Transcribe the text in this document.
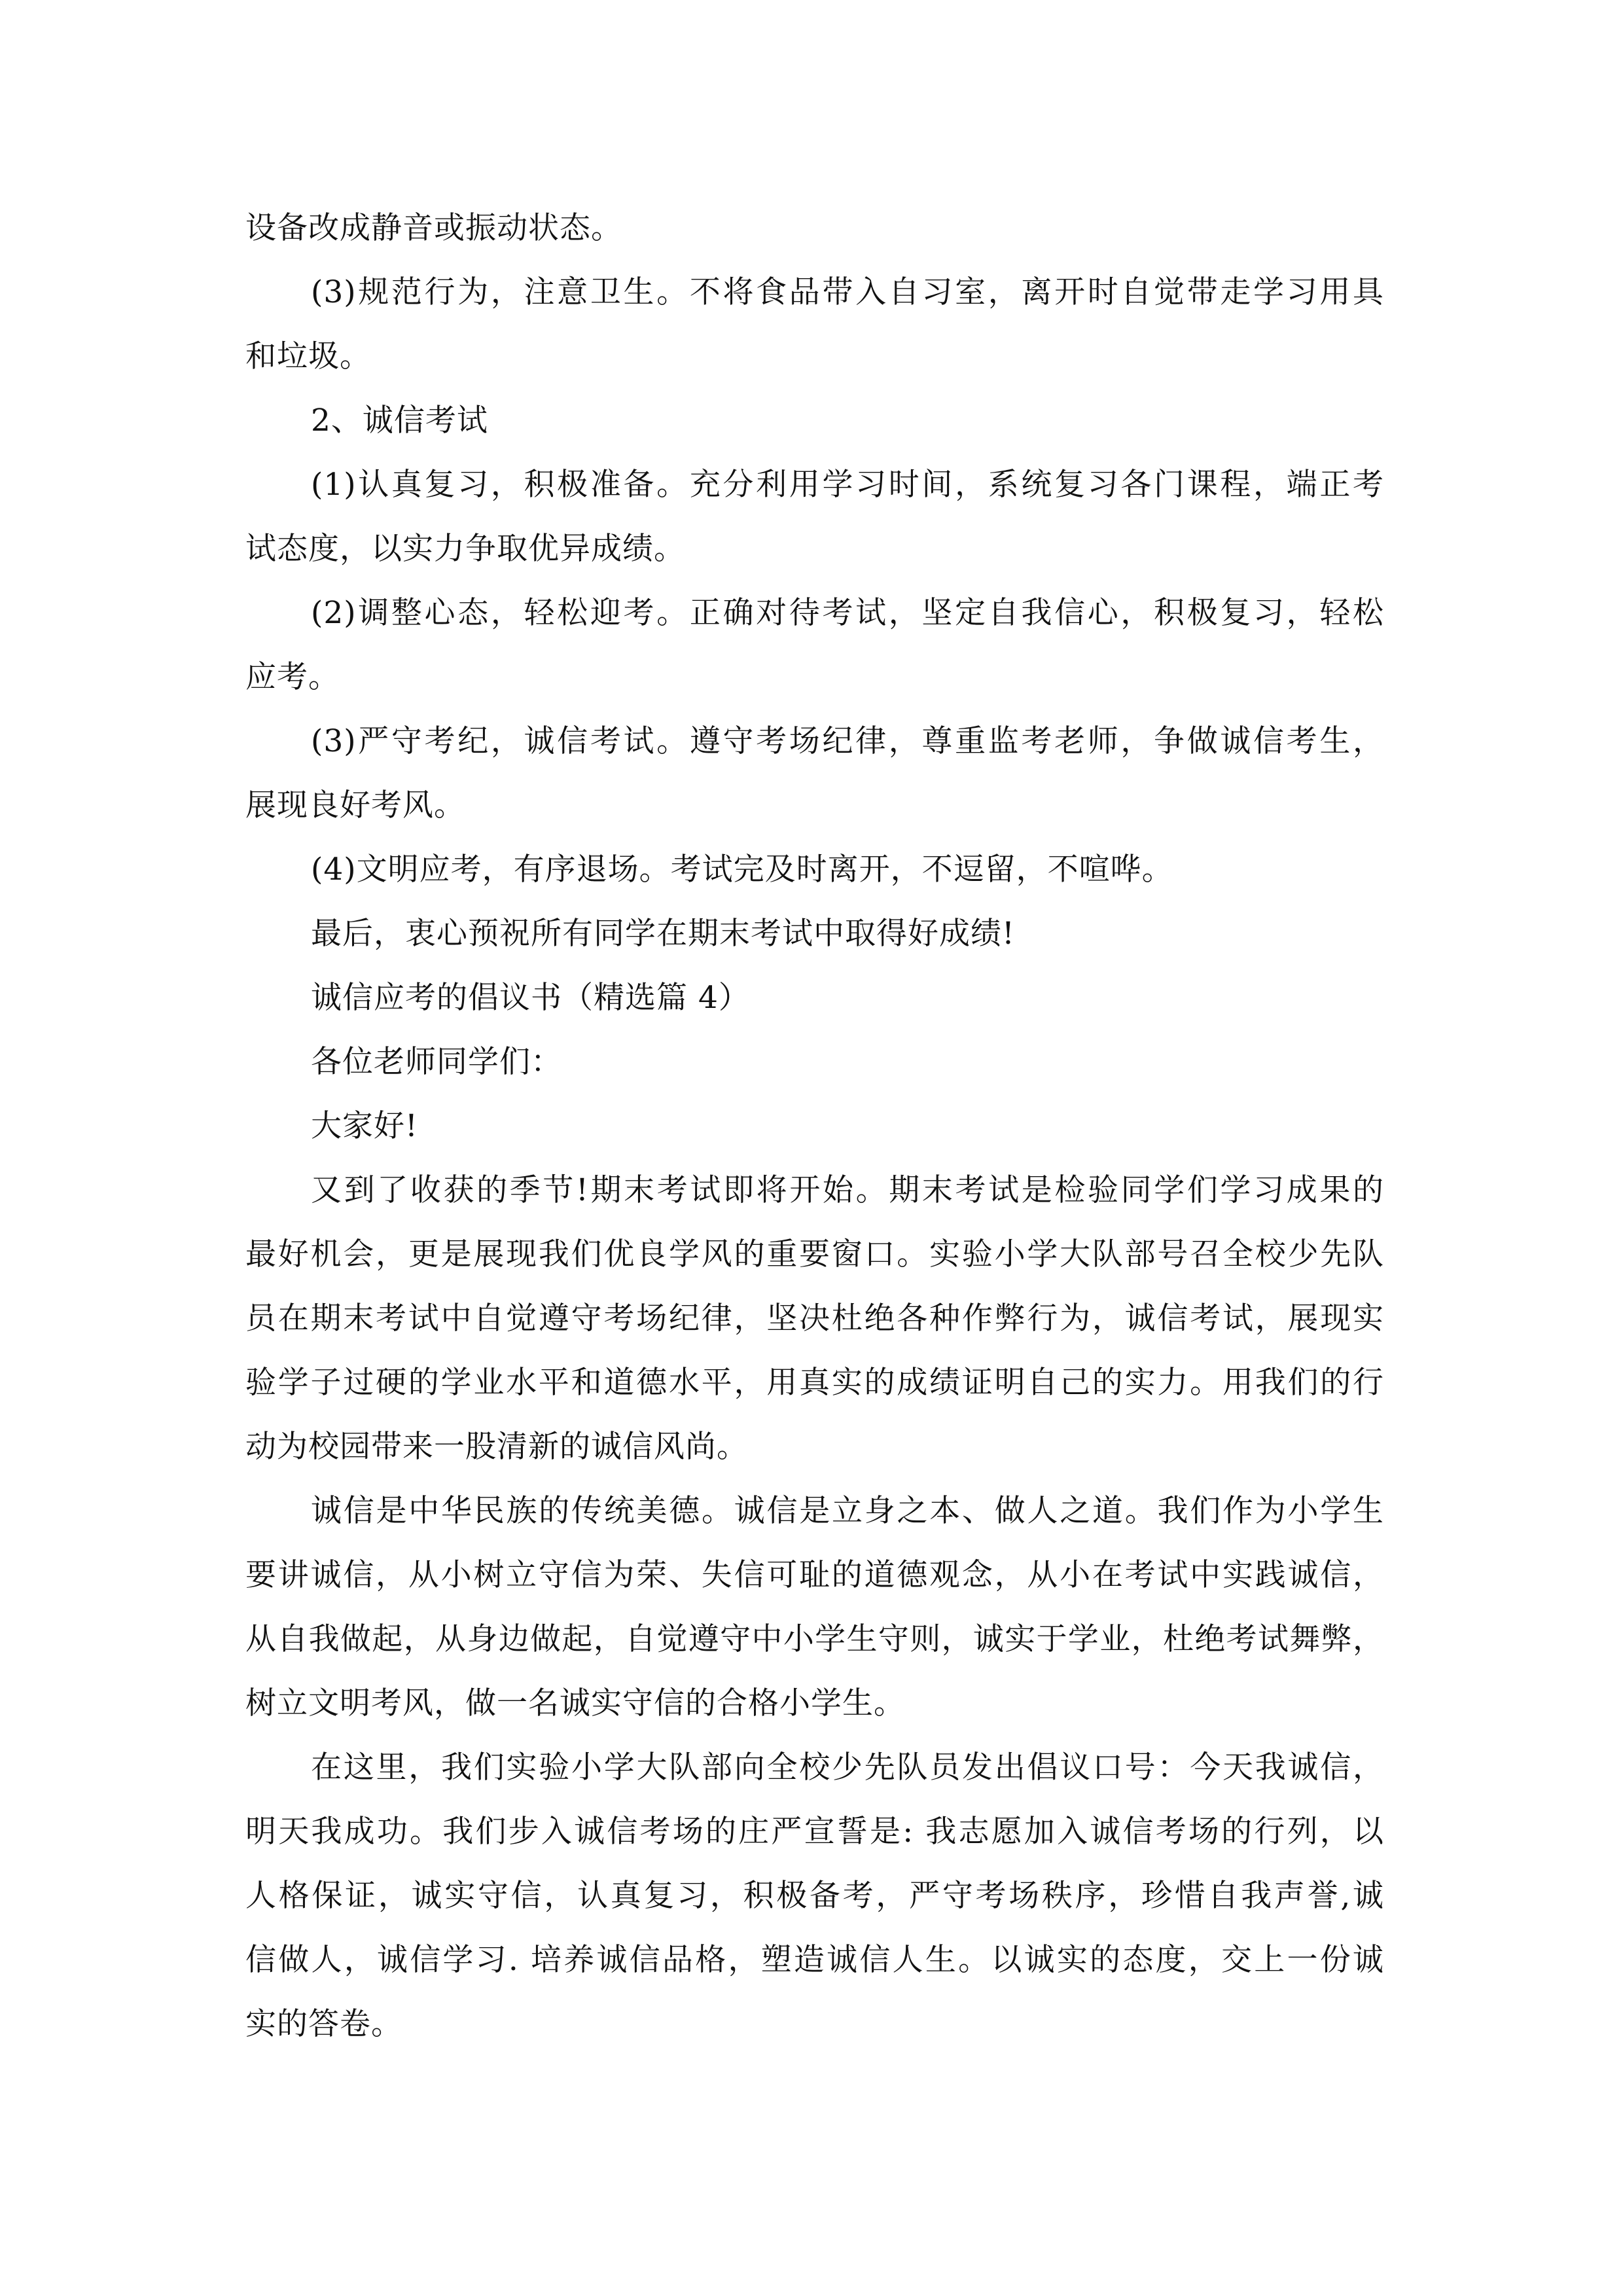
设备改成静音或振动状态。
(3)规范行为，注意卫生。不将食品带入自习室，离开时自觉带走学习用具
和垃圾。
2、诚信考试
(1)认真复习，积极准备。充分利用学习时间，系统复习各门课程，端正考
试态度，以实力争取优异成绩。
(2)调整心态，轻松迎考。正确对待考试，坚定自我信心，积极复习，轻松
应考。
(3)严守考纪，诚信考试。遵守考场纪律，尊重监考老师，争做诚信考生，
展现良好考风。
(4)文明应考，有序退场。考试完及时离开，不逗留，不喧哗。
最后，衷心预祝所有同学在期末考试中取得好成绩!
诚信应考的倡议书（精选篇 4）
各位老师同学们：
大家好!
又到了收获的季节!期末考试即将开始。期末考试是检验同学们学习成果的
最好机会，更是展现我们优良学风的重要窗口。实验小学大队部号召全校少先队
员在期末考试中自觉遵守考场纪律，坚决杜绝各种作弊行为，诚信考试，展现实
验学子过硬的学业水平和道德水平，用真实的成绩证明自己的实力。用我们的行
动为校园带来一股清新的诚信风尚。
诚信是中华民族的传统美德。诚信是立身之本、做人之道。我们作为小学生
要讲诚信，从小树立守信为荣、失信可耻的道德观念，从小在考试中实践诚信，
从自我做起，从身边做起，自觉遵守中小学生守则，诚实于学业，杜绝考试舞弊，
树立文明考风，做一名诚实守信的合格小学生。
在这里，我们实验小学大队部向全校少先队员发出倡议口号：今天我诚信，
明天我成功。我们步入诚信考场的庄严宣誓是: 我志愿加入诚信考场的行列，以
人格保证，诚实守信，认真复习，积极备考，严守考场秩序，珍惜自我声誉,诚
信做人，诚信学习. 培养诚信品格，塑造诚信人生。以诚实的态度，交上一份诚
实的答卷。
